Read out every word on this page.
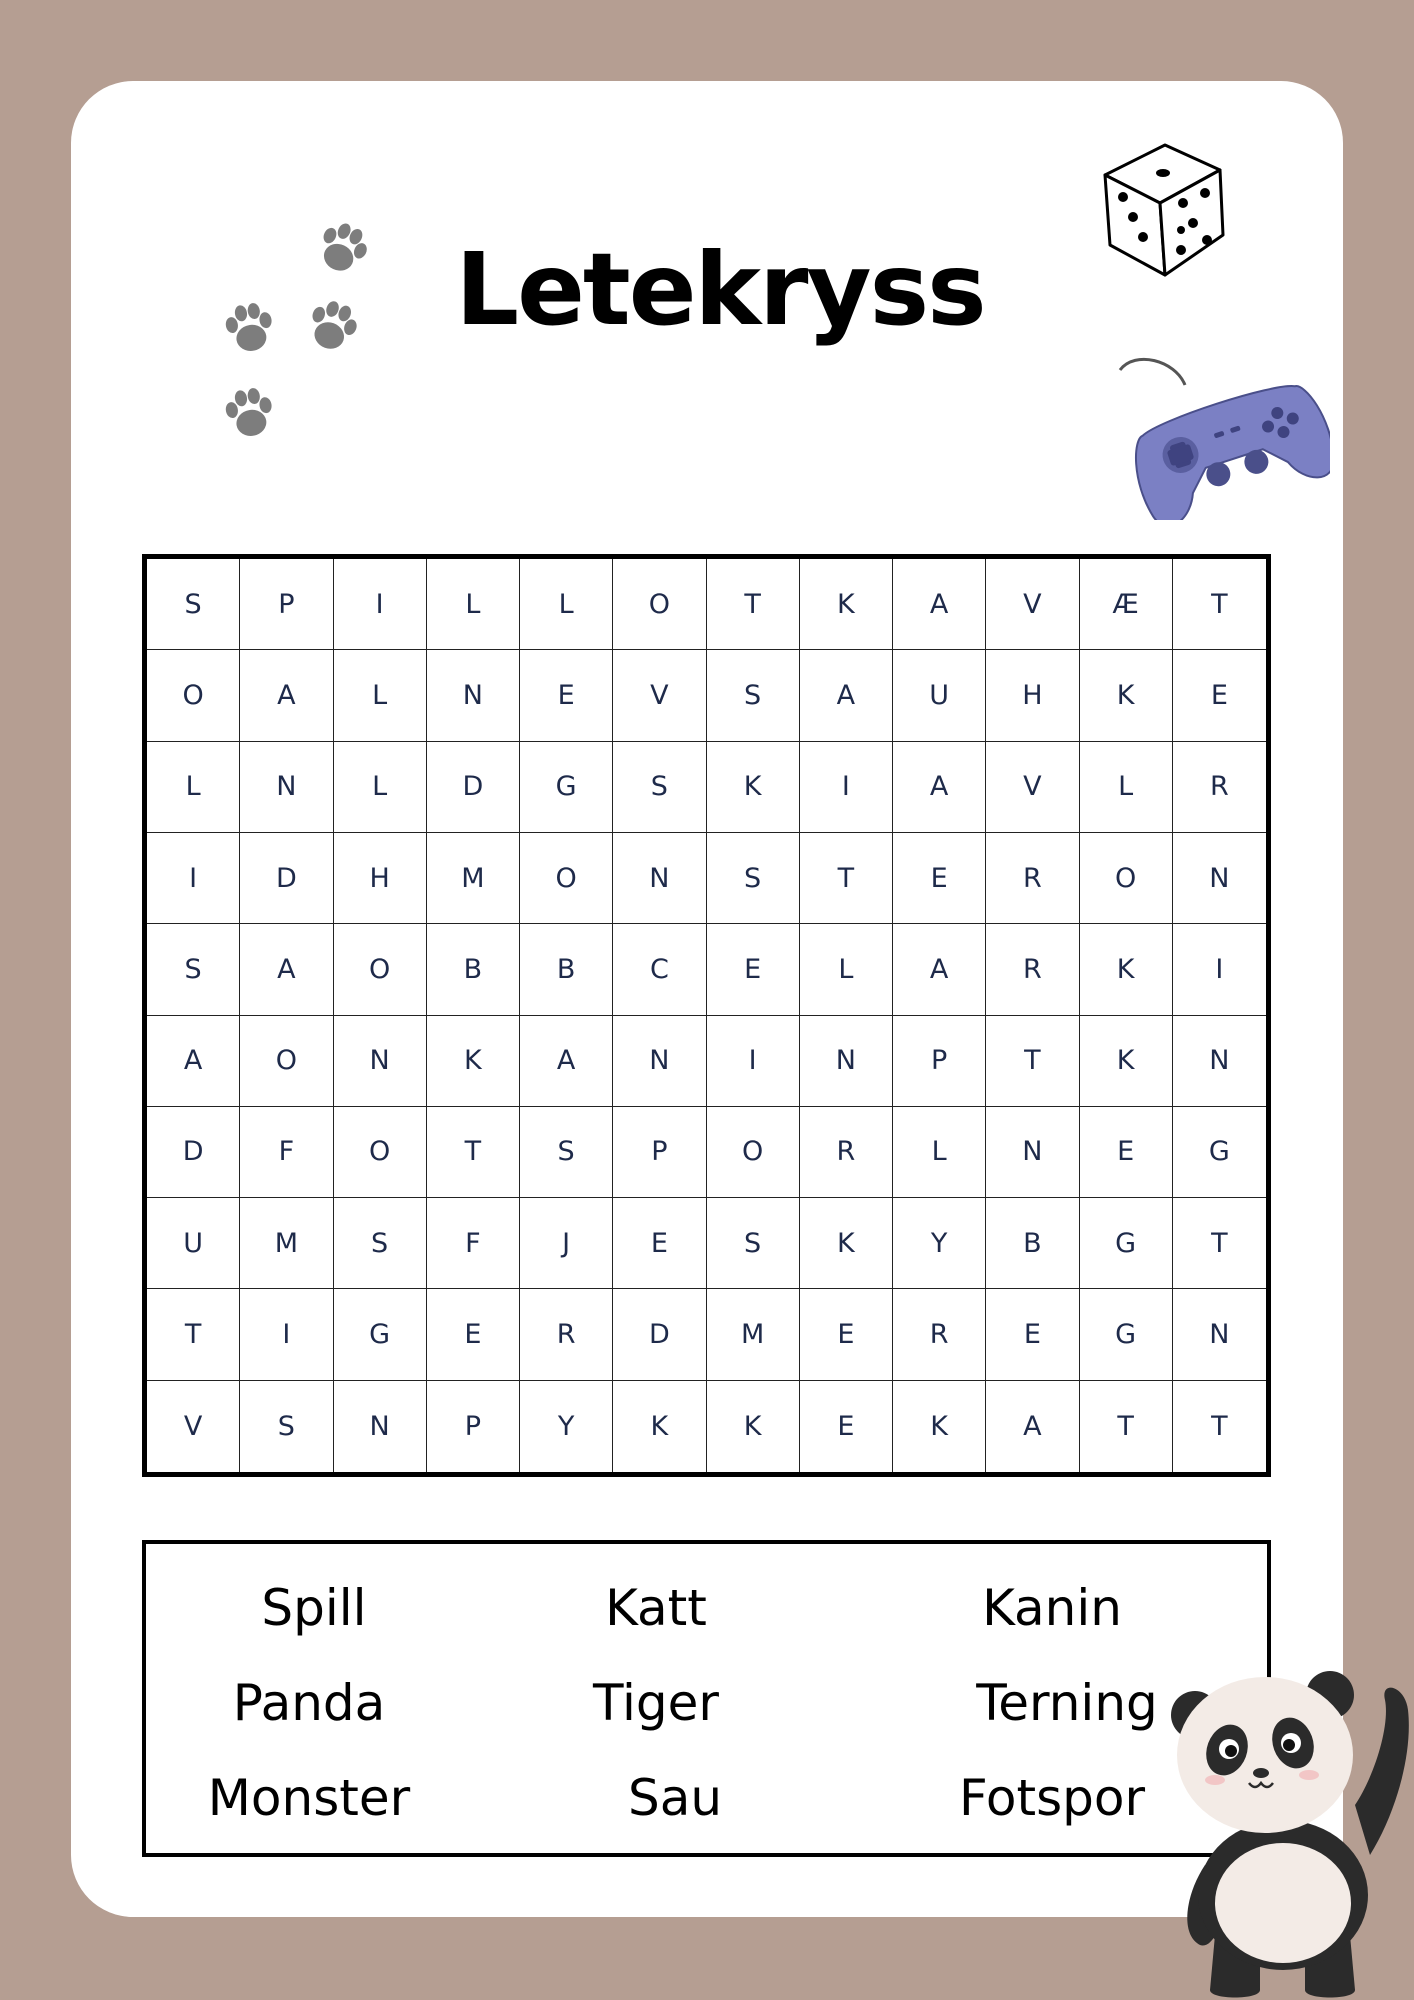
Letekryss
S	P	I	L	L	O	T	K	A	V	Æ	T
O	A	L	N	E	V	S	A	U	H	K	E
L	N	L	D	G	S	K	I	A	V	L	R
I	D	H	M	O	N	S	T	E	R	O	N
S	A	O	B	B	C	E	L	A	R	K	I
A	O	N	K	A	N	I	N	P	T	K	N
D	F	O	T	S	P	O	R	L	N	E	G
U	M	S	F	J	E	S	K	Y	B	G	T
T	I	G	E	R	D	M	E	R	E	G	N
V	S	N	P	Y	K	K	E	K	A	T	T
Spill	Katt	Kanin
Panda	Tiger	Terning
Monster	Sau	Fotspor
